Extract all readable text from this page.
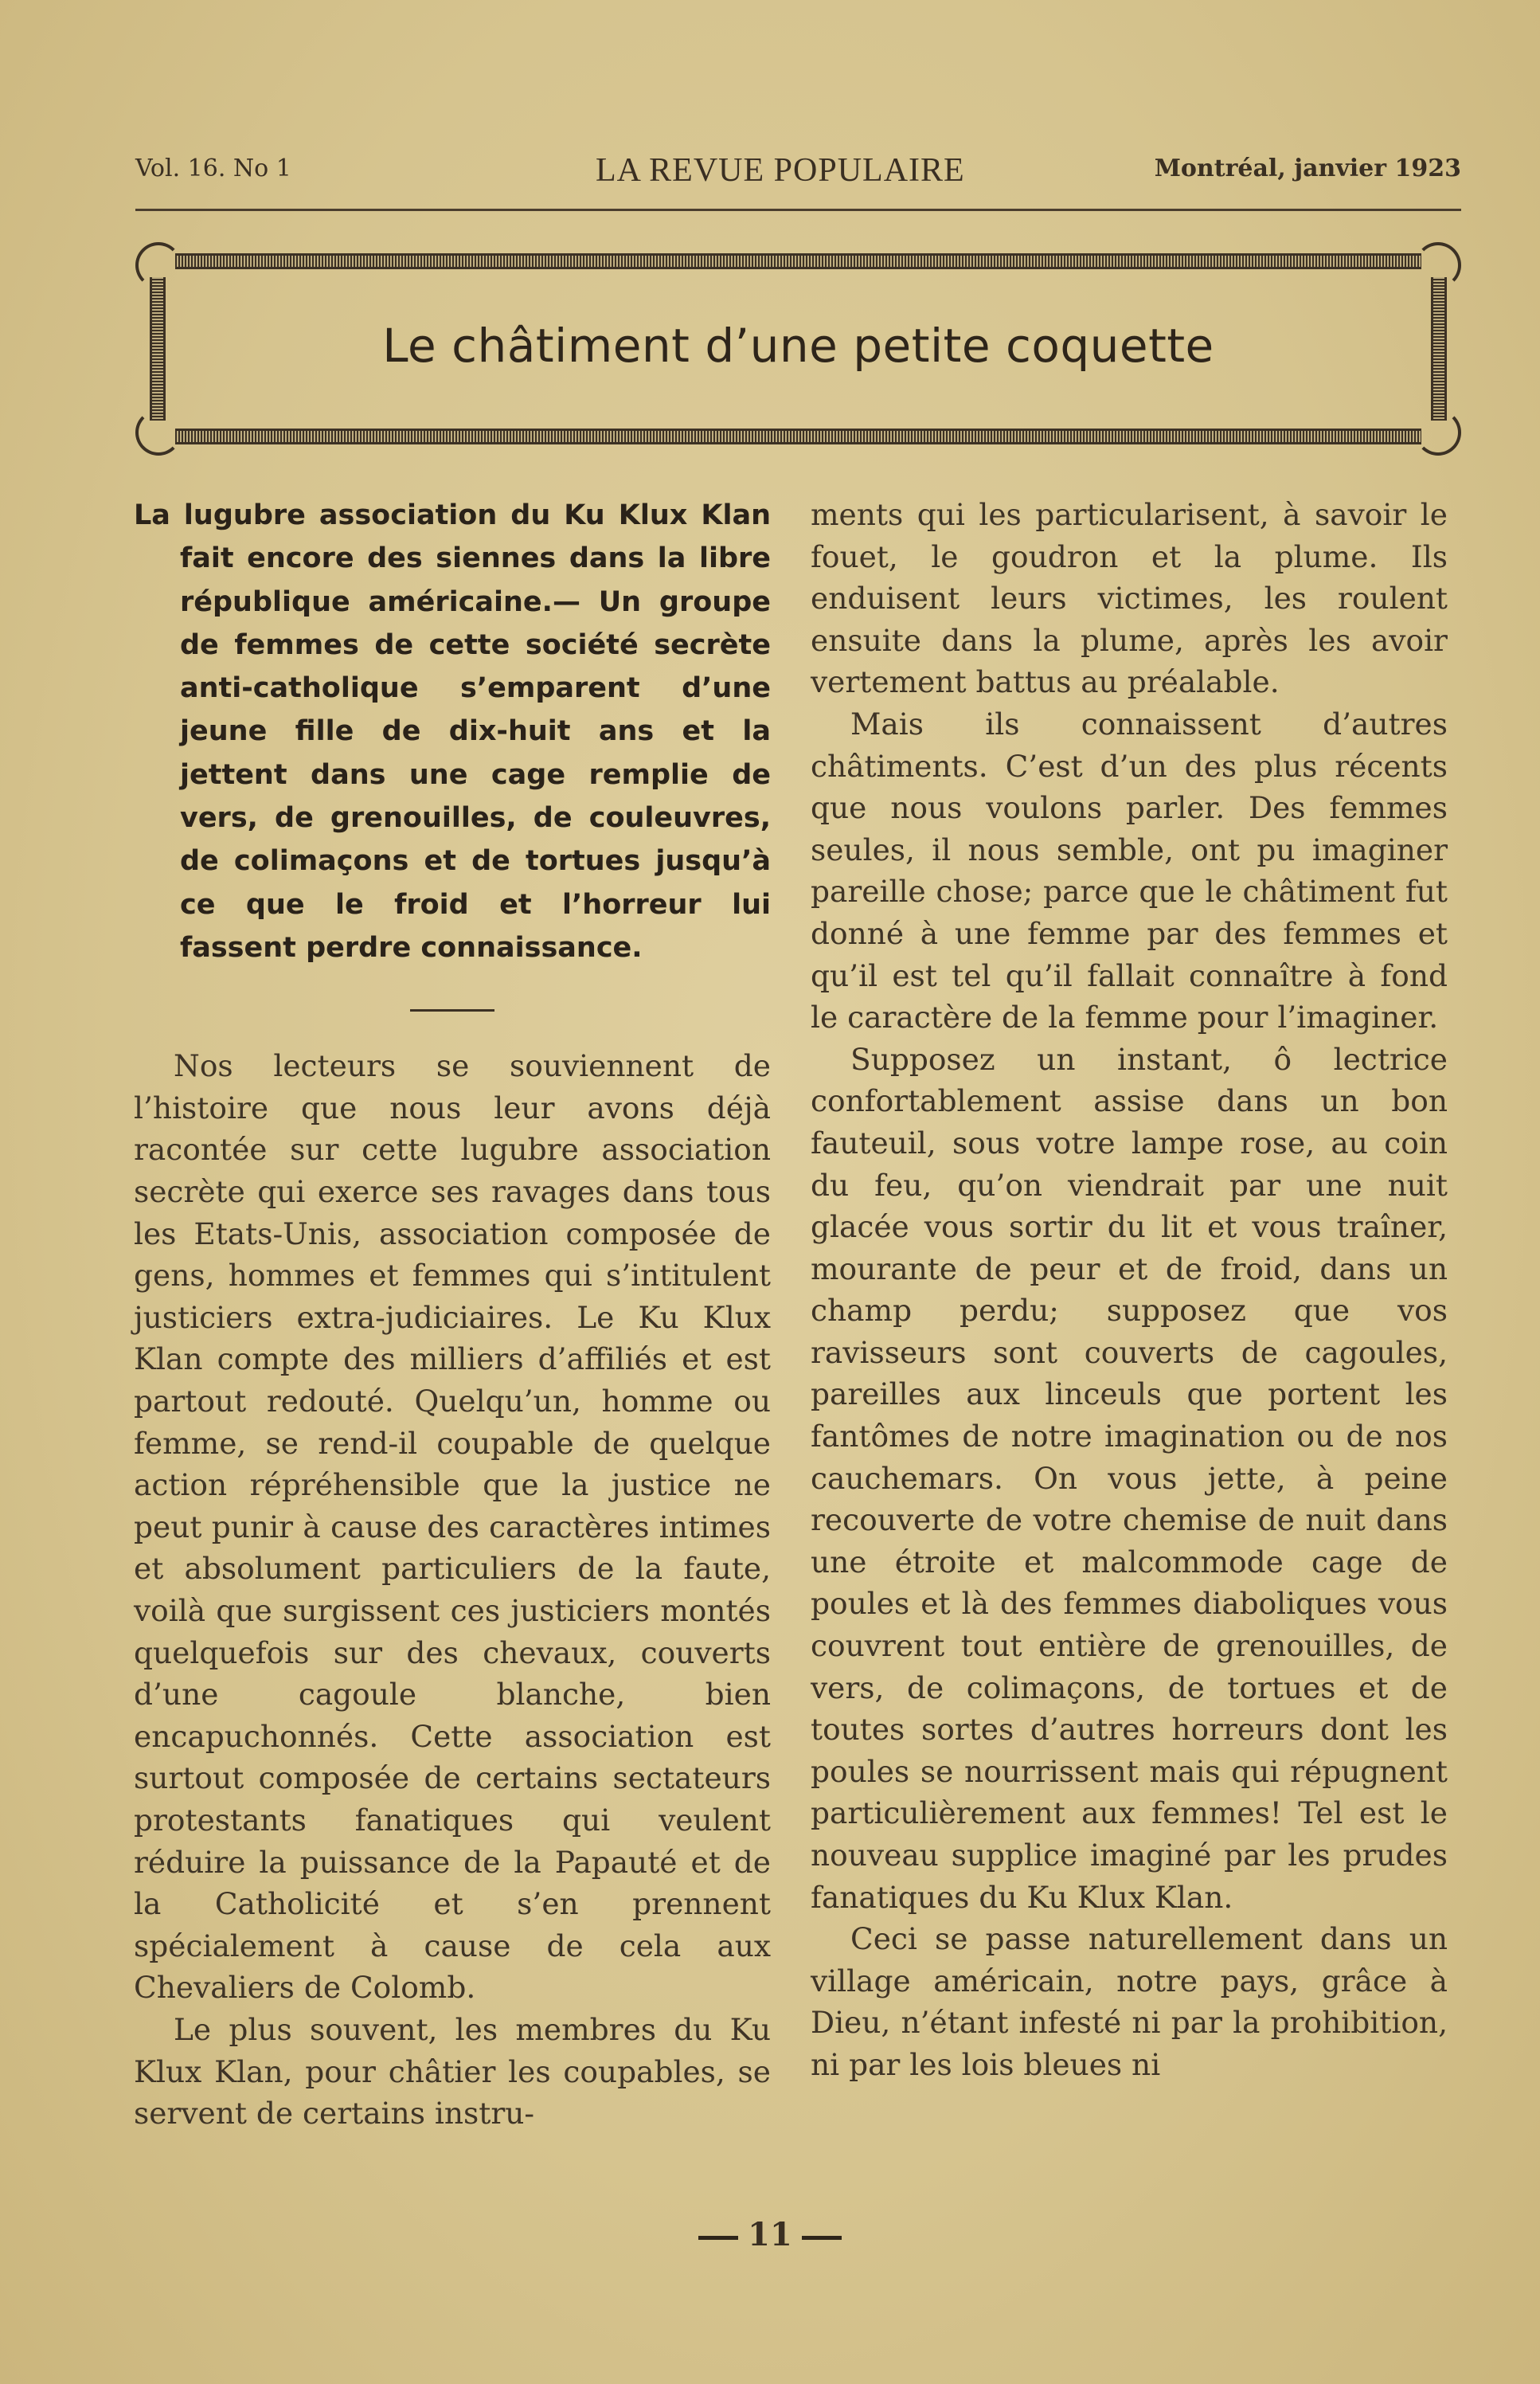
Vol. 16. No 1	LA REVUE POPULAIRE	Montréal, janvier 1923
Le châtiment d’une petite coquette

La lugubre association du Ku Klux Klan fait encore des siennes dans la libre république américaine.— Un groupe de femmes de cette société secrète anti-catholique s’emparent d’une jeune fille de dix-huit ans et la jettent dans une cage remplie de vers, de grenouilles, de couleuvres, de colimaçons et de tortues jusqu’à ce que le froid et l’horreur lui fassent perdre connaissance.

Nos lecteurs se souviennent de l’histoire que nous leur avons déjà racontée sur cette lugubre association secrète qui exerce ses ravages dans tous les Etats-Unis, association composée de gens, hommes et femmes qui s’intitulent justiciers extra-judiciaires. Le Ku Klux Klan compte des milliers d’affiliés et est partout redouté. Quelqu’un, homme ou femme, se rend-il coupable de quelque action répréhensible que la justice ne peut punir à cause des caractères intimes et absolument particuliers de la faute, voilà que surgissent ces justiciers montés quelquefois sur des chevaux, couverts d’une cagoule blanche, bien encapuchonnés. Cette association est surtout composée de certains sectateurs protestants fanatiques qui veulent réduire la puissance de la Papauté et de la Catholicité et s’en prennent spécialement à cause de cela aux Chevaliers de Colomb.

Le plus souvent, les membres du Ku Klux Klan, pour châtier les coupables, se servent de certains instru-

ments qui les particularisent, à savoir le fouet, le goudron et la plume. Ils enduisent leurs victimes, les roulent ensuite dans la plume, après les avoir vertement battus au préalable.

Mais ils connaissent d’autres châtiments. C’est d’un des plus récents que nous voulons parler. Des femmes seules, il nous semble, ont pu imaginer pareille chose; parce que le châtiment fut donné à une femme par des femmes et qu’il est tel qu’il fallait connaître à fond le caractère de la femme pour l’imaginer.

Supposez un instant, ô lectrice confortablement assise dans un bon fauteuil, sous votre lampe rose, au coin du feu, qu’on viendrait par une nuit glacée vous sortir du lit et vous traîner, mourante de peur et de froid, dans un champ perdu; supposez que vos ravisseurs sont couverts de cagoules, pareilles aux linceuls que portent les fantômes de notre imagination ou de nos cauchemars. On vous jette, à peine recouverte de votre chemise de nuit dans une étroite et malcommode cage de poules et là des femmes diaboliques vous couvrent tout entière de grenouilles, de vers, de colimaçons, de tortues et de toutes sortes d’autres horreurs dont les poules se nourrissent mais qui répugnent particulièrement aux femmes! Tel est le nouveau supplice imaginé par les prudes fanatiques du Ku Klux Klan.

Ceci se passe naturellement dans un village américain, notre pays, grâce à Dieu, n’étant infesté ni par la prohibition, ni par les lois bleues ni

11
